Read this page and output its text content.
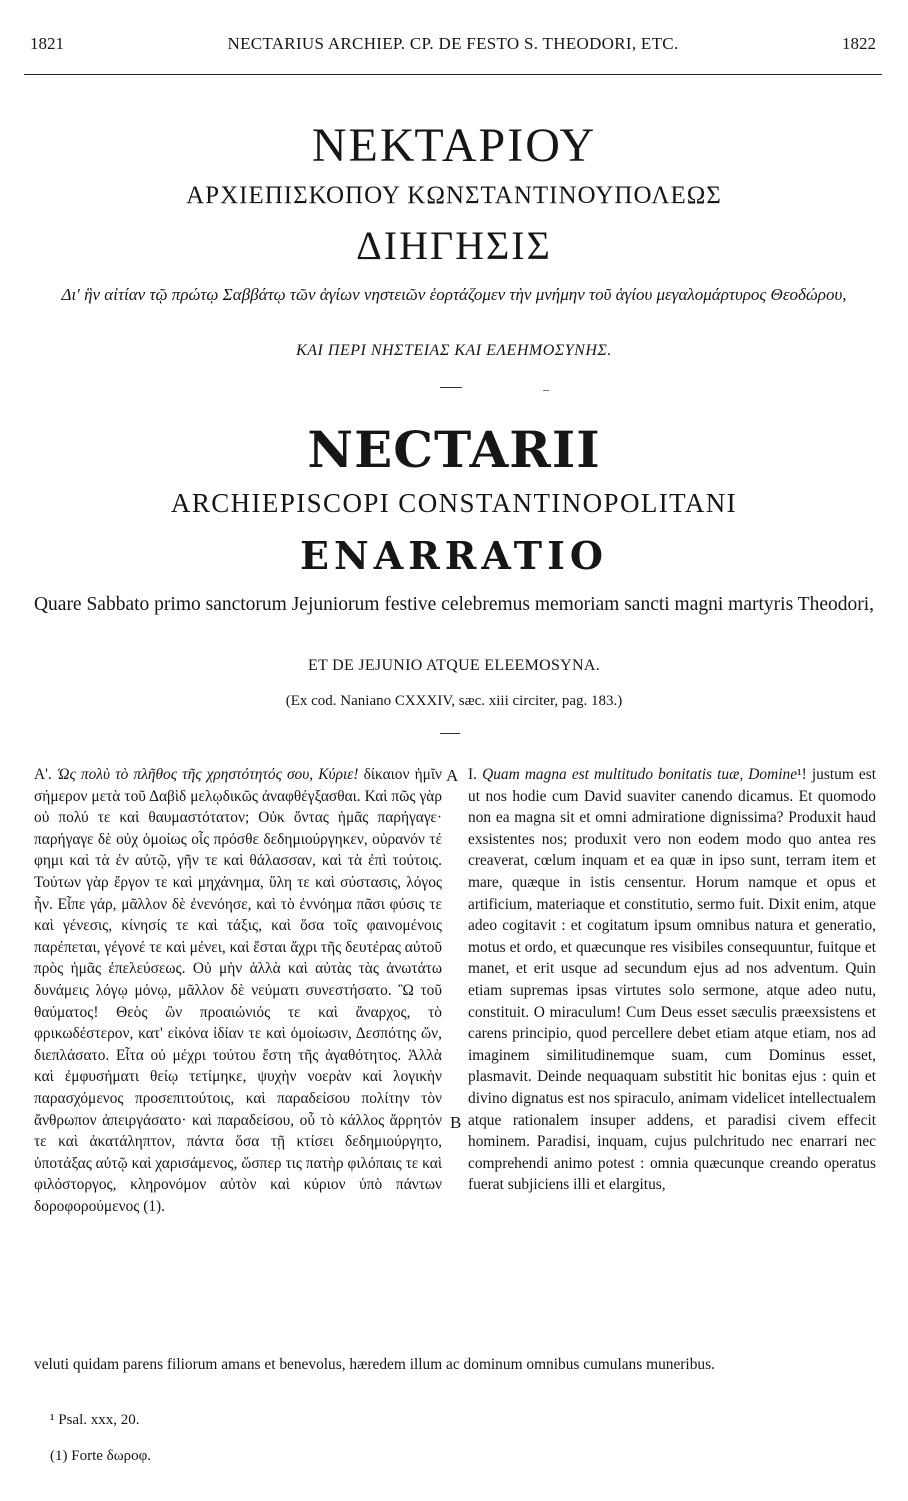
1821	NECTARIUS ARCHIEP. CP. DE FESTO S. THEODORI, ETC.	1822
ΝΕΚΤΑΡΙΟΥ
ΑΡΧΙΕΠΙΣΚΟΠΟΥ ΚΩΝΣΤΑΝΤΙΝΟΥΠΟΛΕΩΣ
ΔΙΗΓΗΣΙΣ
Δι' ἣν αἰτίαν τῷ πρώτῳ Σαββάτῳ τῶν ἁγίων νηστειῶν ἑορτάζομεν τὴν μνήμην τοῦ ἁγίου μεγαλομάρτυρος Θεοδώρου,
ΚΑΙ ΠΕΡΙ ΝΗΣΤΕΙΑΣ ΚΑΙ ΕΛΕΗΜΟΣΥΝΗΣ.
NECTARII
ARCHIEPISCOPI CONSTANTINOPOLITANI
ENARRATIO
Quare Sabbato primo sanctorum Jejuniorum festive celebremus memoriam sancti magni martyris Theodori,
ET DE JEJUNIO ATQUE ELEEMOSYNA.
(Ex cod. Naniano CXXXIV, sæc. xiii circiter, pag. 183.)

Α'. Ὡς πολὺ τὸ πλῆθος τῆς χρηστότητός σου, Κύριε! δίκαιον ἡμῖν σήμερον μετὰ τοῦ Δαβὶδ μελῳδικῶς ἀναφθέγξασθαι. Καὶ πῶς γὰρ οὐ πολύ τε καὶ θαυμαστότατον; Οὐκ ὄντας ἡμᾶς παρήγαγε· παρήγαγε δὲ οὐχ ὁμοίως οἷς πρόσθε δεδημιούργηκεν, οὐρανόν τέ φημι καὶ τὰ ἐν αὐτῷ, γῆν τε καὶ θάλασσαν, καὶ τὰ ἐπὶ τούτοις. Τούτων γὰρ ἔργον τε καὶ μηχάνημα, ὕλη τε καὶ σύστασις, λόγος ἦν. Εἶπε γάρ, μᾶλλον δὲ ἐνενόησε, καὶ τὸ ἐννόημα πᾶσι φύσις τε καὶ γένεσις, κίνησίς τε καὶ τάξις, καὶ ὅσα τοῖς φαινομένοις παρέπεται, γέγονέ τε καὶ μένει, καὶ ἔσται ἄχρι τῆς δευτέρας αὐτοῦ πρὸς ἡμᾶς ἐπελεύσεως. Οὐ μὴν ἀλλὰ καὶ αὐτὰς τὰς ἀνωτάτω δυνάμεις λόγῳ μόνῳ, μᾶλλον δὲ νεύματι συνεστήσατο. Ὢ τοῦ θαύματος! Θεὸς ὢν προαιώνιός τε καὶ ἄναρχος, τὸ φρικωδέστερον, κατ' εἰκόνα ἰδίαν τε καὶ ὁμοίωσιν, Δεσπότης ὤν, διεπλάσατο. Εἶτα οὐ μέχρι τούτου ἔστη τῆς ἀγαθότητος. Ἀλλὰ καὶ ἐμφυσήματι θείῳ τετίμηκε, ψυχὴν νοερὰν καὶ λογικὴν παρασχόμενος προσεπιτούτοις, καὶ παραδείσου πολίτην τὸν ἄνθρωπον ἀπειργάσατο· καὶ παραδείσου, οὗ τὸ κάλλος ἄρρητόν τε καὶ ἀκατάληπτον, πάντα ὅσα τῇ κτίσει δεδημιούργητο, ὑποτάξας αὐτῷ καὶ χαρισάμενος, ὥσπερ τις πατὴρ φιλόπαις τε καὶ φιλόστοργος, κληρονόμον αὐτὸν καὶ κύριον ὑπὸ πάντων δοροφορούμενος (1).

A
B

I. Quam magna est multitudo bonitatis tuæ, Domine¹! justum est ut nos hodie cum David suaviter canendo dicamus. Et quomodo non ea magna sit et omni admiratione dignissima? Produxit haud exsistentes nos; produxit vero non eodem modo quo antea res creaverat, cœlum inquam et ea quæ in ipso sunt, terram item et mare, quæque in istis censentur. Horum namque et opus et artificium, materiaque et constitutio, sermo fuit. Dixit enim, atque adeo cogitavit : et cogitatum ipsum omnibus natura et generatio, motus et ordo, et quæcunque res visibiles consequuntur, fuitque et manet, et erit usque ad secundum ejus ad nos adventum. Quin etiam supremas ipsas virtutes solo sermone, atque adeo nutu, constituit. O miraculum! Cum Deus esset sæculis præexsistens et carens principio, quod percellere debet etiam atque etiam, nos ad imaginem similitudinemque suam, cum Dominus esset, plasmavit. Deinde nequaquam substitit hic bonitas ejus : quin et divino dignatus est nos spiraculo, animam videlicet intellectualem atque rationalem insuper addens, et paradisi civem effecit hominem. Paradisi, inquam, cujus pulchritudo nec enarrari nec comprehendi animo potest : omnia quæcunque creando operatus fuerat subjiciens illi et elargitus,

veluti quidam parens filiorum amans et benevolus, hæredem illum ac dominum omnibus cumulans muneribus.
¹ Psal. xxx, 20.
(1) Forte δωροφ.
